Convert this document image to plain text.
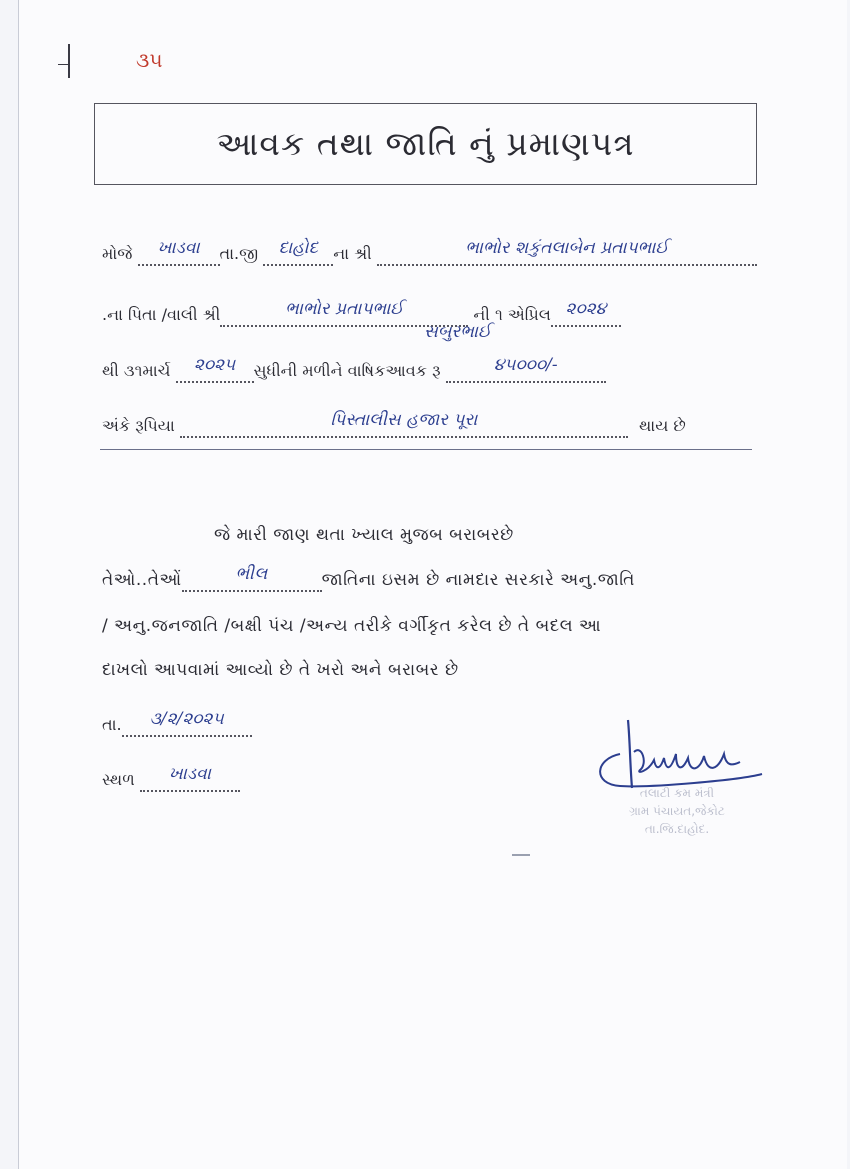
૩૫
આવક તથા જાતિ નું પ્રમાણપત્ર
મોજે ખાડવા તા.જી દાહોદ ના શ્રી	ભાભોર શકુંતલાબેન પ્રતાપભાઈ
.ના પિતા /વાલી શ્રી	ભાભોર પ્રતાપભાઈ	ની ૧ એપ્રિલ ૨૦૨૪
સબુરભાઈ
થી ૩૧માર્ચ ૨૦૨૫ સુધીની મળીને વાષિકઆવક રૂ	૪૫૦૦૦/-
અંકે રૂપિયા	પિસ્તાલીસ હજાર પૂરા	થાય છે
જે મારી જાણ થતા ખ્યાલ મુજબ બરાબરછે
તેઓ..તેઓં	ભીલ	જાતિના ઇસમ છે નામદાર સરકારે અનુ.જાતિ
/ અનુ.જનજાતિ /બક્ષી પંચ /અન્ય તરીકે વર્ગીકૃત કરેલ છે તે બદલ આ
દાખલો આપવામાં આવ્યો છે તે ખરો અને બરાબર છે
તા. ૩/૨/૨૦૨૫
સ્થળ ખાડવા
તલાટી કમ મંત્રી
ગ્રામ પંચાયત,જેકોટ
તા.જિ.દાહોદ.
